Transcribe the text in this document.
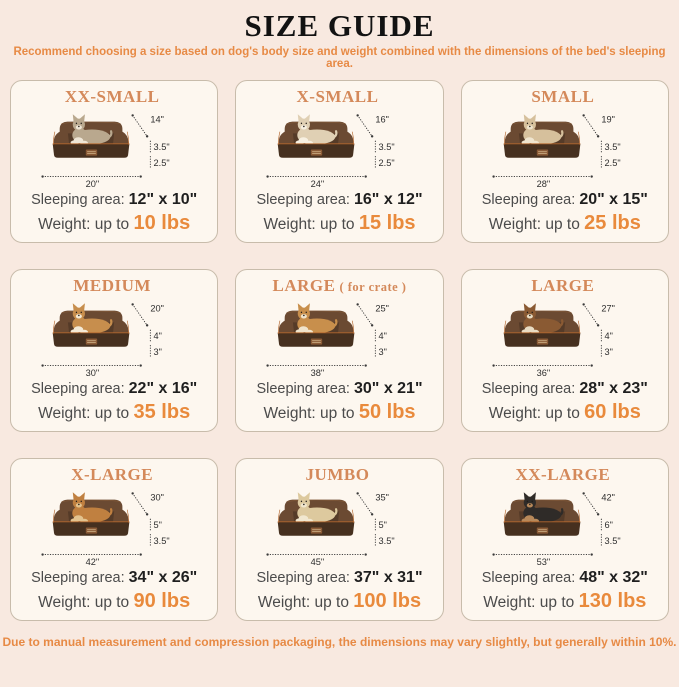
SIZE GUIDE

Recommend choosing a size based on dog's body size and weight combined with the dimensions of the bed's sleeping area.

XX-SMALL
14"
3.5"
2.5"
20"
Sleeping area: 12" x 10"
Weight: up to 10 lbs
X-SMALL
16"
3.5"
2.5"
24"
Sleeping area: 16" x 12"
Weight: up to 15 lbs
SMALL
19"
3.5"
2.5"
28"
Sleeping area: 20" x 15"
Weight: up to 25 lbs
MEDIUM
20"
4"
3"
30"
Sleeping area: 22" x 16"
Weight: up to 35 lbs
LARGE ( for crate )
25"
4"
3"
38"
Sleeping area: 30" x 21"
Weight: up to 50 lbs
LARGE
27"
4"
3"
36"
Sleeping area: 28" x 23"
Weight: up to 60 lbs
X-LARGE
30"
5"
3.5"
42"
Sleeping area: 34" x 26"
Weight: up to 90 lbs
JUMBO
35"
5"
3.5"
45"
Sleeping area: 37" x 31"
Weight: up to 100 lbs
XX-LARGE
42"
6"
3.5"
53"
Sleeping area: 48" x 32"
Weight: up to 130 lbs

Due to manual measurement and compression packaging, the dimensions may vary slightly, but generally within 10%.
